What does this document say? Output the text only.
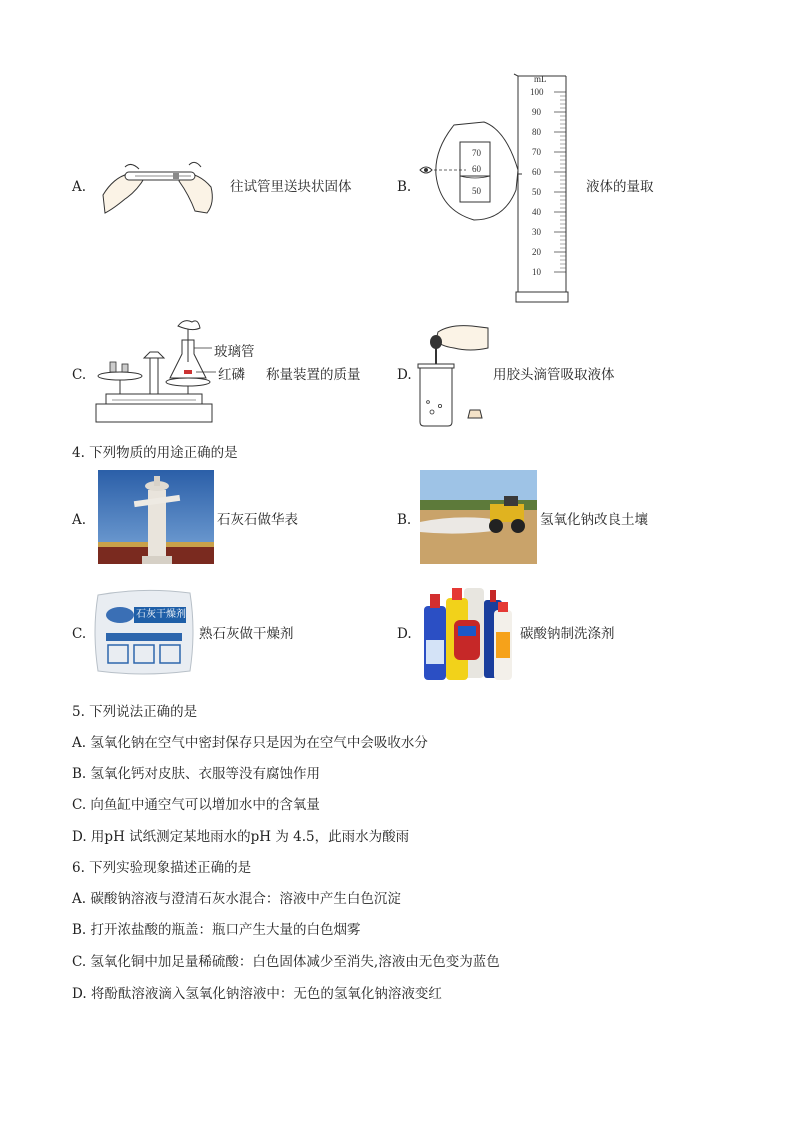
A.	往试管里送块状固体	B.
70
60
50
mL
100
90
80
70
60
50
40
30
20
10
液体的量取
C.
玻璃管
红磷 称量装置的质量	D.	用胶头滴管吸取液体
4. 下列物质的用途正确的是
A.	石灰石做华表	B.	氢氧化钠改良土壤
C.
石灰干燥剂
熟石灰做干燥剂	D.	碳酸钠制洗涤剂
5. 下列说法正确的是
A. 氢氧化钠在空气中密封保存只是因为在空气中会吸收水分
B. 氢氧化钙对皮肤、衣服等没有腐蚀作用
C. 向鱼缸中通空气可以增加水中的含氧量
D. 用pH 试纸测定某地雨水的pH 为 4.5，此雨水为酸雨
6. 下列实验现象描述正确的是
A. 碳酸钠溶液与澄清石灰水混合：溶液中产生白色沉淀
B. 打开浓盐酸的瓶盖：瓶口产生大量的白色烟雾
C. 氢氧化铜中加足量稀硫酸：白色固体减少至消失,溶液由无色变为蓝色
D. 将酚酞溶液滴入氢氧化钠溶液中：无色的氢氧化钠溶液变红
